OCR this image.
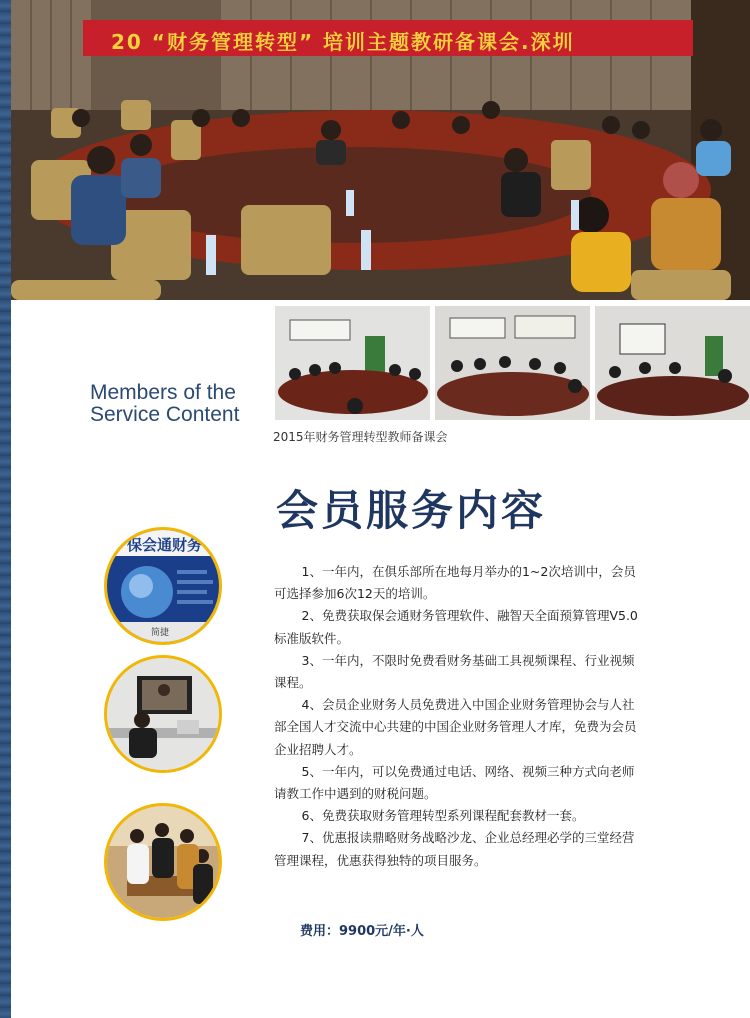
20 “财务管理转型” 培训主题教研备课会.深圳
Members of the
Service Content
2015年财务管理转型教师备课会
会员服务内容
保会通财务
简捷

1、一年内，在俱乐部所在地每月举办的1~2次培训中，会员可选择参加6次12天的培训。

2、免费获取保会通财务管理软件、融智天全面预算管理V5.0标准版软件。

3、一年内，不限时免费看财务基础工具视频课程、行业视频课程。

4、会员企业财务人员免费进入中国企业财务管理协会与人社部全国人才交流中心共建的中国企业财务管理人才库，免费为会员企业招聘人才。

5、一年内，可以免费通过电话、网络、视频三种方式向老师请教工作中遇到的财税问题。

6、免费获取财务管理转型系列课程配套教材一套。

7、优惠报读鼎略财务战略沙龙、企业总经理必学的三堂经营管理课程，优惠获得独特的项目服务。

费用：9900元/年·人
